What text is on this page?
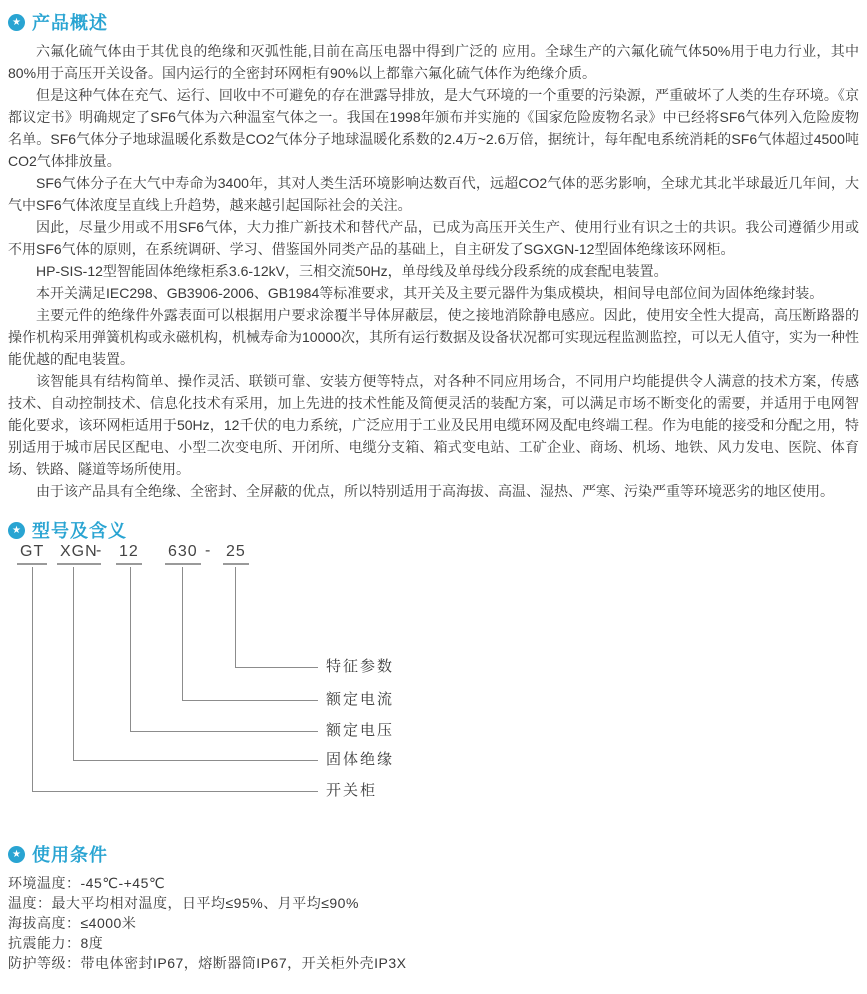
★ 产品概述

六氟化硫气体由于其优良的绝缘和灭弧性能,目前在高压电器中得到广泛的 应用。全球生产的六氟化硫气体50%用于电力行业，其中80%用于高压开关设备。国内运行的全密封环网柜有90%以上都靠六氟化硫气体作为绝缘介质。

但是这种气体在充气、运行、回收中不可避免的存在泄露导排放，是大气环境的一个重要的污染源，严重破坏了人类的生存环境。《京都议定书》明确规定了SF6气体为六种温室气体之一。我国在1998年颁布并实施的《国家危险废物名录》中已经将SF6气体列入危险废物名单。SF6气体分子地球温暖化系数是CO2气体分子地球温暖化系数的2.4万~2.6万倍，据统计，每年配电系统消耗的SF6气体超过4500吨CO2气体排放量。

SF6气体分子在大气中寿命为3400年，其对人类生活环境影响达数百代，远超CO2气体的恶劣影响，全球尤其北半球最近几年间，大气中SF6气体浓度呈直线上升趋势，越来越引起国际社会的关注。

因此，尽量少用或不用SF6气体，大力推广新技术和替代产品，已成为高压开关生产、使用行业有识之士的共识。我公司遵循少用或不用SF6气体的原则，在系统调研、学习、借鉴国外同类产品的基础上，自主研发了SGXGN-12型固体绝缘该环网柜。

HP-SIS-12型智能固体绝缘柜系3.6-12kV，三相交流50Hz，单母线及单母线分段系统的成套配电装置。

本开关满足IEC298、GB3906-2006、GB1984等标准要求，其开关及主要元器件为集成模块，相间导电部位间为固体绝缘封装。

主要元件的绝缘件外露表面可以根据用户要求涂覆半导体屏蔽层，使之接地消除静电感应。因此，使用安全性大提高，高压断路器的操作机构采用弹簧机构或永磁机构，机械寿命为10000次，其所有运行数据及设备状况都可实现远程监测监控，可以无人值守，实为一种性能优越的配电装置。

该智能具有结构简单、操作灵活、联锁可靠、安装方便等特点，对各种不同应用场合，不同用户均能提供令人满意的技术方案，传感技术、自动控制技术、信息化技术有采用，加上先进的技术性能及简便灵活的装配方案，可以满足市场不断变化的需要，并适用于电网智能化要求，该环网柜适用于50Hz，12千伏的电力系统，广泛应用于工业及民用电缆环网及配电终端工程。作为电能的接受和分配之用，特别适用于城市居民区配电、小型二次变电所、开闭所、电缆分支箱、箱式变电站、工矿企业、商场、机场、地铁、风力发电、医院、体育场、铁路、隧道等场所使用。

由于该产品具有全绝缘、全密封、全屏蔽的优点，所以特别适用于高海拔、高温、湿热、严寒、污染严重等环境恶劣的地区使用。

★ 型号及含义
GT XGN
- 12 630 - 25
开关柜
固体绝缘
额定电压
额定电流
特征参数
★ 使用条件
环境温度：-45℃-+45℃
温度：最大平均相对温度，日平均≤95%、月平均≤90%
海拔高度：≤4000米
抗震能力：8度
防护等级：带电体密封IP67，熔断器筒IP67，开关柜外壳IP3X
